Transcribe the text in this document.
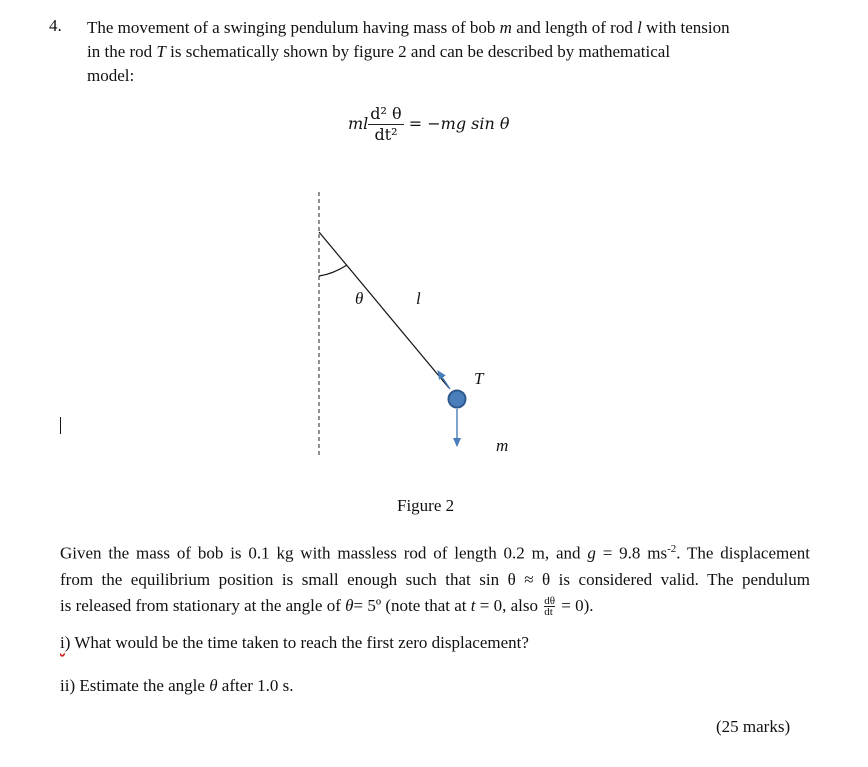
4. The movement of a swinging pendulum having mass of bob m and length of rod l with tension
in the rod T is schematically shown by figure 2 and can be described by mathematical
model:
ml $\frac{\text{d² θ}}{\text{dt²}} = -mg$ sin θ
θ	l
T
m
Figure 2
Given the mass of bob is 0.1 kg with massless rod of length 0.2 m, and g = 9.8 $ms^{-2}$. The displacement
from the equilibrium position is small enough such that sin θ ≈ θ is considered valid. The pendulum
is released from stationary at the angle of θ= 5º (note that at t = 0, also $\frac{d\theta}{dt} = 0$).
i) What would be the time taken to reach the first zero displacement?
ii) Estimate the angle θ after 1.0 s.
(25 marks)
